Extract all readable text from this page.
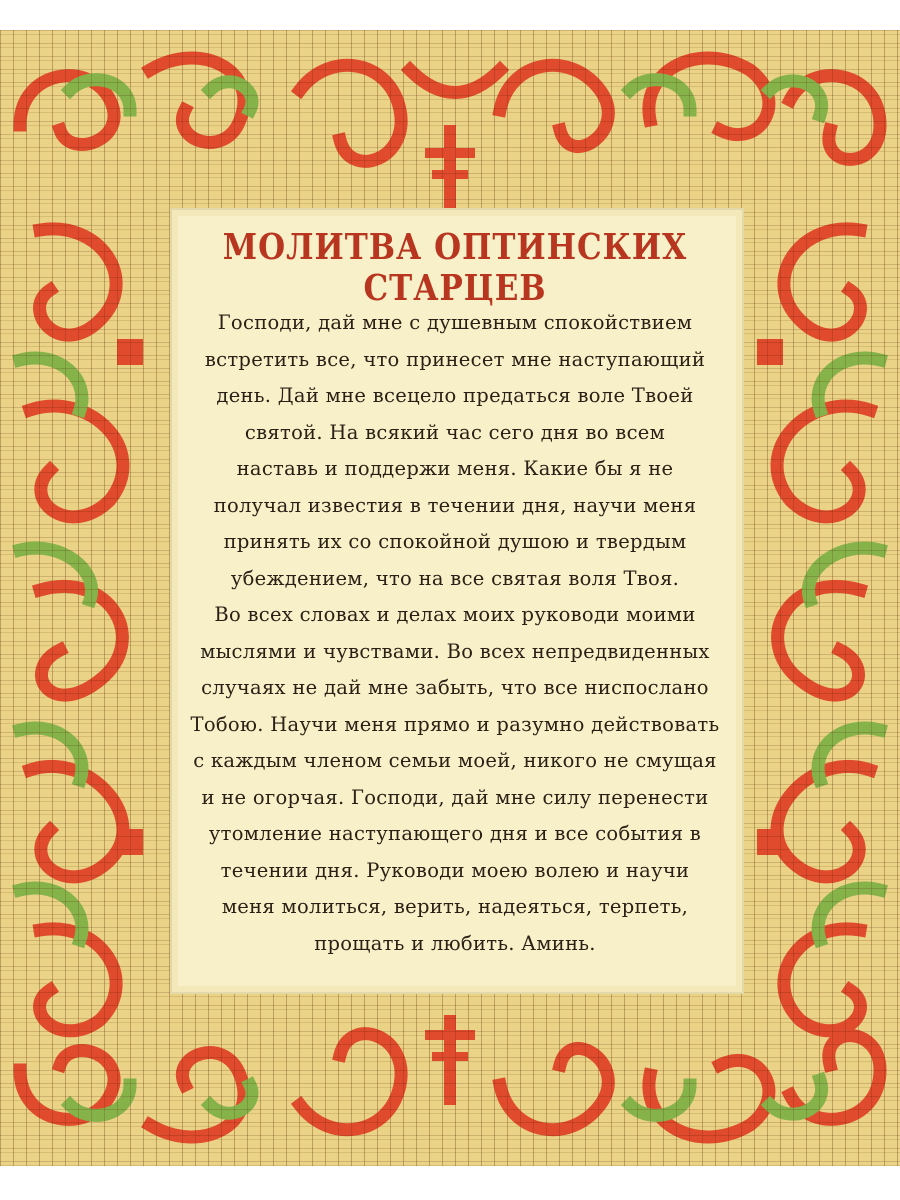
МОЛИТВА ОПТИНСКИХ СТАРЦЕВ
Господи, дай мне с душевным спокойствием
встретить все, что принесет мне наступающий
день. Дай мне всецело предаться воле Твоей
святой. На всякий час сего дня во всем
наставь и поддержи меня. Какие бы я не
получал известия в течении дня, научи меня
принять их со спокойной душою и твердым
убеждением, что на все святая воля Твоя.
Во всех словах и делах моих руководи моими
мыслями и чувствами. Во всех непредвиденных
случаях не дай мне забыть, что все ниспослано
Тобою. Научи меня прямо и разумно действовать
с каждым членом семьи моей, никого не смущая
и не огорчая. Господи, дай мне силу перенести
утомление наступающего дня и все события в
течении дня. Руководи моею волею и научи
меня молиться, верить, надеяться, терпеть,
прощать и любить. Аминь.
